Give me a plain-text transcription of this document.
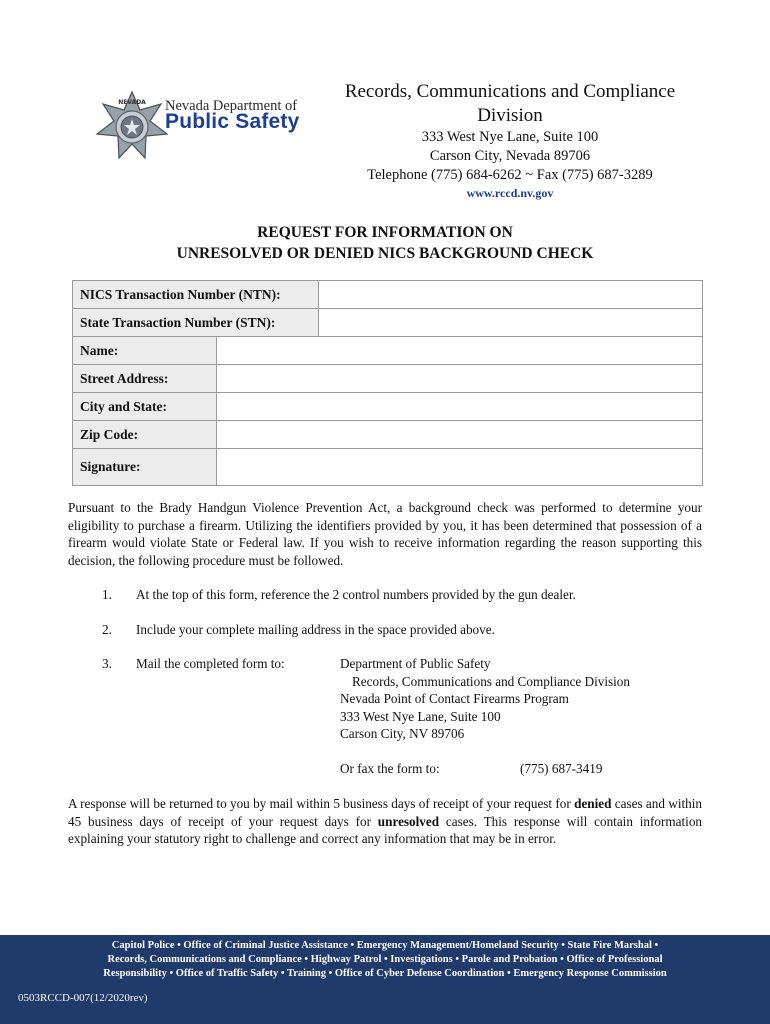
NEVADA Nevada Department of
Public Safety
Records, Communications and Compliance Division
333 West Nye Lane, Suite 100
Carson City, Nevada 89706
Telephone (775) 684-6262 ~ Fax (775) 687-3289
www.rccd.nv.gov
REQUEST FOR INFORMATION ON
UNRESOLVED OR DENIED NICS BACKGROUND CHECK
NICS Transaction Number (NTN):		
State Transaction Number (STN):		
Name:		
Street Address:		
City and State:		
Zip Code:		
Signature:		
Pursuant to the Brady Handgun Violence Prevention Act, a background check was performed to determine your eligibility to purchase a firearm. Utilizing the identifiers provided by you, it has been determined that possession of a firearm would violate State or Federal law. If you wish to receive information regarding the reason supporting this decision, the following procedure must be followed.
1. At the top of this form, reference the 2 control numbers provided by the gun dealer.
2. Include your complete mailing address in the space provided above.
3. Mail the completed form to:	Department of Public Safety
Records, Communications and Compliance Division
Nevada Point of Contact Firearms Program
333 West Nye Lane, Suite 100
Carson City, NV 89706
Or fax the form to:	(775) 687-3419
A response will be returned to you by mail within 5 business days of receipt of your request for denied cases and within 45 business days of receipt of your request days for unresolved cases. This response will contain information explaining your statutory right to challenge and correct any information that may be in error.
Capitol Police • Office of Criminal Justice Assistance • Emergency Management/Homeland Security • State Fire Marshal •
Records, Communications and Compliance • Highway Patrol • Investigations • Parole and Probation • Office of Professional
Responsibility • Office of Traffic Safety • Training • Office of Cyber Defense Coordination • Emergency Response Commission
0503RCCD-007(12/2020rev)
